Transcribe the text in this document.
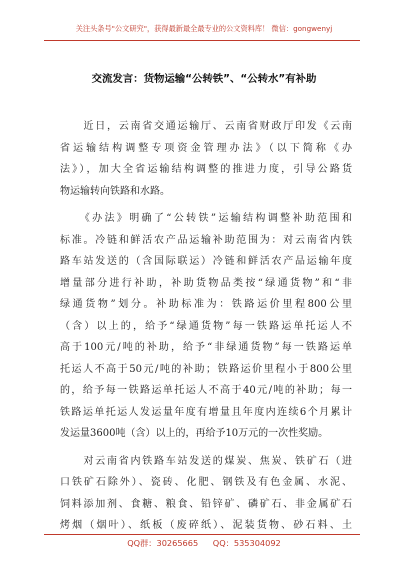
关注头条号"公文研究"，获得最新最全最专业的公文资料库！ 微信：gongwenyj
交流发言：货物运输“公转铁”、“公转水”有补助
　　近日，云南省交通运输厅、云南省财政厅印发《云南
省运输结构调整专项资金管理办法》（以下简称《办
法》），加大全省运输结构调整的推进力度，引导公路货
物运输转向铁路和水路。
　　《办法》明确了“公转铁”运输结构调整补助范围和
标准。冷链和鲜活农产品运输补助范围为：对云南省内铁
路车站发送的（含国际联运）冷链和鲜活农产品运输年度
增量部分进行补助，补助货物品类按“绿通货物”和“非
绿通货物”划分。补助标准为：铁路运价里程800公里
（含）以上的，给予“绿通货物”每一铁路运单托运人不
高于100元/吨的补助，给予“非绿通货物”每一铁路运单
托运人不高于50元/吨的补助；铁路运价里程小于800公里
的，给予每一铁路运单托运人不高于40元/吨的补助；每一
铁路运单托运人发运量年度有增量且年度内连续6个月累计
发运量3600吨（含）以上的，再给予10万元的一次性奖励。
　　对云南省内铁路车站发送的煤炭、焦炭、铁矿石（进
口铁矿石除外）、瓷砖、化肥、钢铁及有色金属、水泥、
饲料添加剂、食糖、粮食、铅锌矿、磷矿石、非金属矿石
烤烟（烟叶）、纸板（废碎纸）、泥装货物、砂石料、土
QQ群：30265665 QQ：535304092
